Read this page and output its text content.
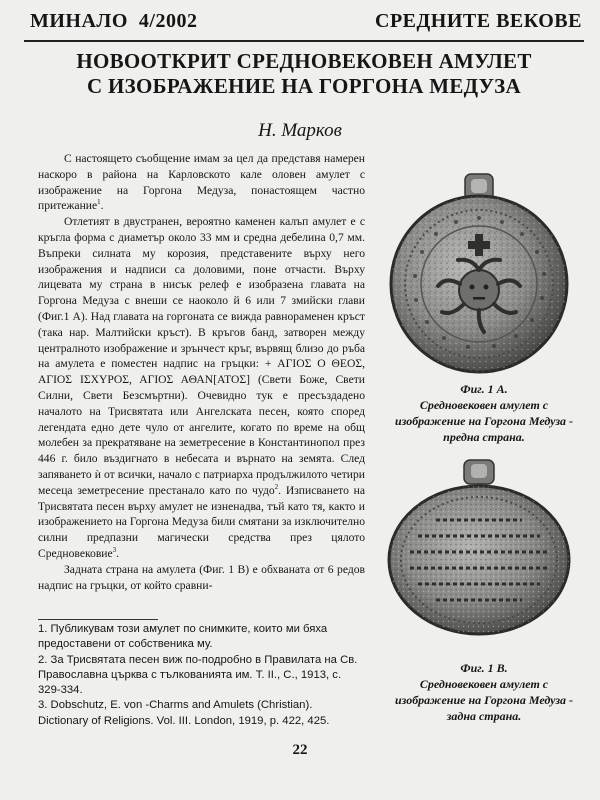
МИНАЛО 4/2002	СРЕДНИТЕ ВЕКОВЕ
НОВООТКРИТ СРЕДНОВЕКОВЕН АМУЛЕТ
С ИЗОБРАЖЕНИЕ НА ГОРГОНА МЕДУЗА

Н. Марков

С настоящето съобщение имам за цел да представя намерен наскоро в района на Карловското кале оловен амулет с изображение на Горгона Медуза, понастоящем частно притежание$^1$.

Отлетият в двустранен, вероятно каменен калъп амулет е с кръгла форма с диаметър около 33 мм и средна дебелина 0,7 мм. Въпреки силната му корозия, представените върху него изображения и надписи са доловими, поне отчасти. Върху лицевата му страна в нисък релеф е изобразена главата на Горгона Медуза с внеши се наоколо й 6 или 7 змийски глави (Фиг.1 А). Над главата на горгоната се вижда равнораменен кръст (така нар. Малтийски кръст). В кръгов банд, затворен между централното изображение и зрънчест кръг, вървящ близо до ръба на амулета е поместен надпис на гръцки: + ΑΓΙΟΣ Ο ΘΕΟΣ, ΑΓΙΟΣ ΙΣΧΥΡΟΣ, ΑΓΙΟΣ ΑΘΑΝ[ΑΤΟΣ] (Свети Боже, Свети Силни, Свети Безсмъртни). Очевидно тук е пресъздадено началото на Трисвятата или Ангелската песен, която според легендата едно дете чуло от ангелите, когато по време на общ молебен за прекратяване на земетресение в Константинопол през 446 г. било въздигнато в небесата и върнато на земята. След запяването ѝ от всички, начало с патриарха продължилото четири месеца земетресение престанало като по чудо$^2$. Изписването на Трисвятата песен върху амулет не изненадва, тъй като тя, както и изображението на Горгона Медуза били смятани за изключително силни предпазни магически средства през цялото Средновековие$^3$.

Задната страна на амулета (Фиг. 1 В) е обхваната от 6 редов надпис на гръцки, от който сравни-

1. Публикувам този амулет по снимките, които ми бяха предоставени от собственика му.

2. За Трисвятата песен виж по-подробно в Правилата на Св. Православна църква с тълкованията им. Т. II., С., 1913, с. 329-334.

3. Dobschutz, E. von -Charms and Amulets (Christian). Dictionary of Religions. Vol. III. London, 1919, p. 422, 425.

Фиг. 1 А.
Средновековен амулет с изображение на Горгона Медуза - предна страна.
Фиг. 1 В.
Средновековен амулет с изображение на Горгона Медуза - задна страна.
22
